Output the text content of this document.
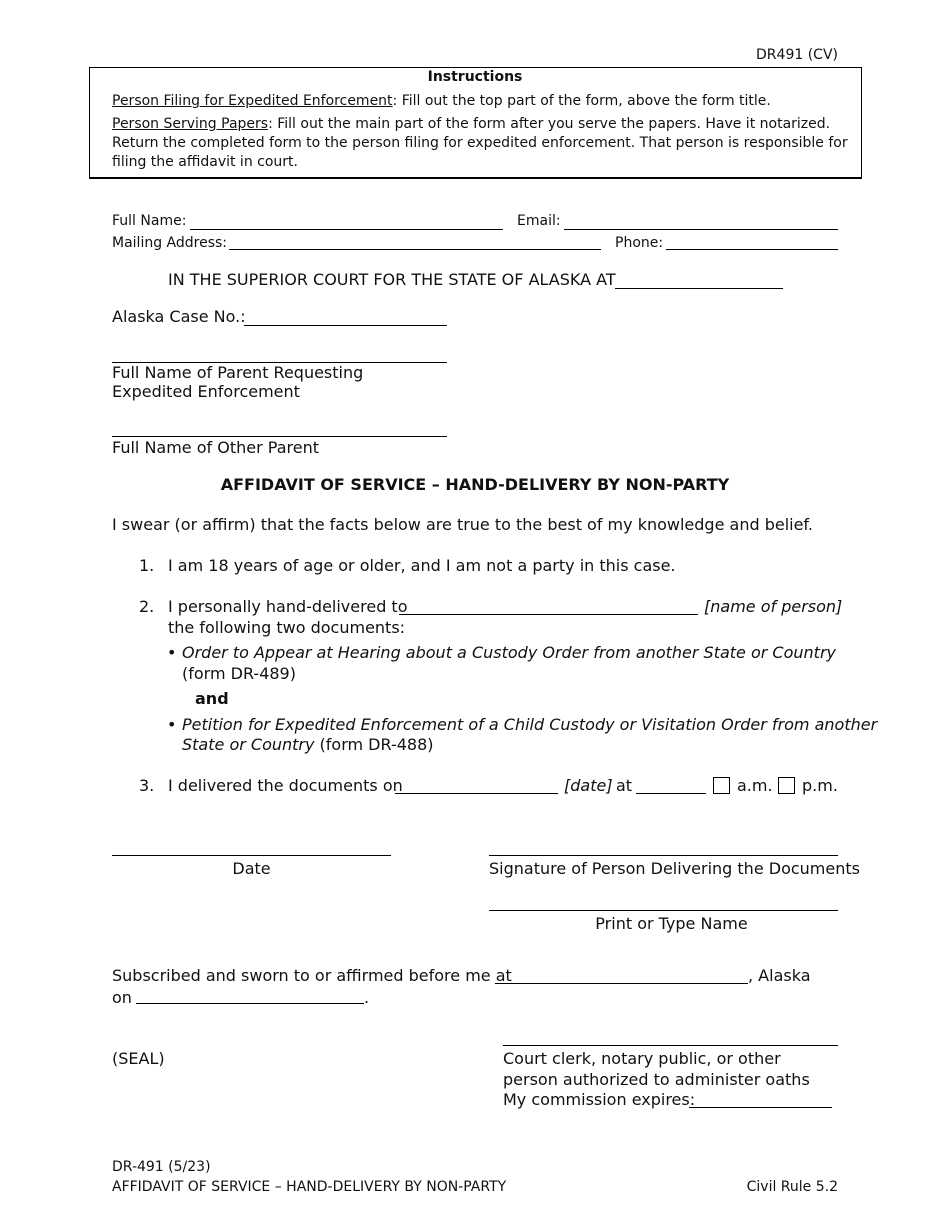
DR491 (CV)
Instructions
Person Filing for Expedited Enforcement: Fill out the top part of the form, above the form title.
Person Serving Papers: Fill out the main part of the form after you serve the papers. Have it notarized.
Return the completed form to the person filing for expedited enforcement. That person is responsible for
filing the affidavit in court.
Full Name:	Email:
Mailing Address:	Phone:
IN THE SUPERIOR COURT FOR THE STATE OF ALASKA AT
Alaska Case No.:
Full Name of Parent Requesting
Expedited Enforcement
Full Name of Other Parent
AFFIDAVIT OF SERVICE – HAND-DELIVERY BY NON-PARTY
I swear (or affirm) that the facts below are true to the best of my knowledge and belief.
1. I am 18 years of age or older, and I am not a party in this case.
2. I personally hand-delivered to	[name of person]
the following two documents:
• Order to Appear at Hearing about a Custody Order from another State or Country
(form DR-489)
and
• Petition for Expedited Enforcement of a Child Custody or Visitation Order from another
State or Country (form DR-488)
3. I delivered the documents on	[date] at	a.m. p.m.
Date	Signature of Person Delivering the Documents
Print or Type Name
Subscribed and sworn to or affirmed before me at	, Alaska
on	.
(SEAL)	Court clerk, notary public, or other
person authorized to administer oaths
My commission expires:
DR-491 (5/23)
AFFIDAVIT OF SERVICE – HAND-DELIVERY BY NON-PARTY	Civil Rule 5.2
